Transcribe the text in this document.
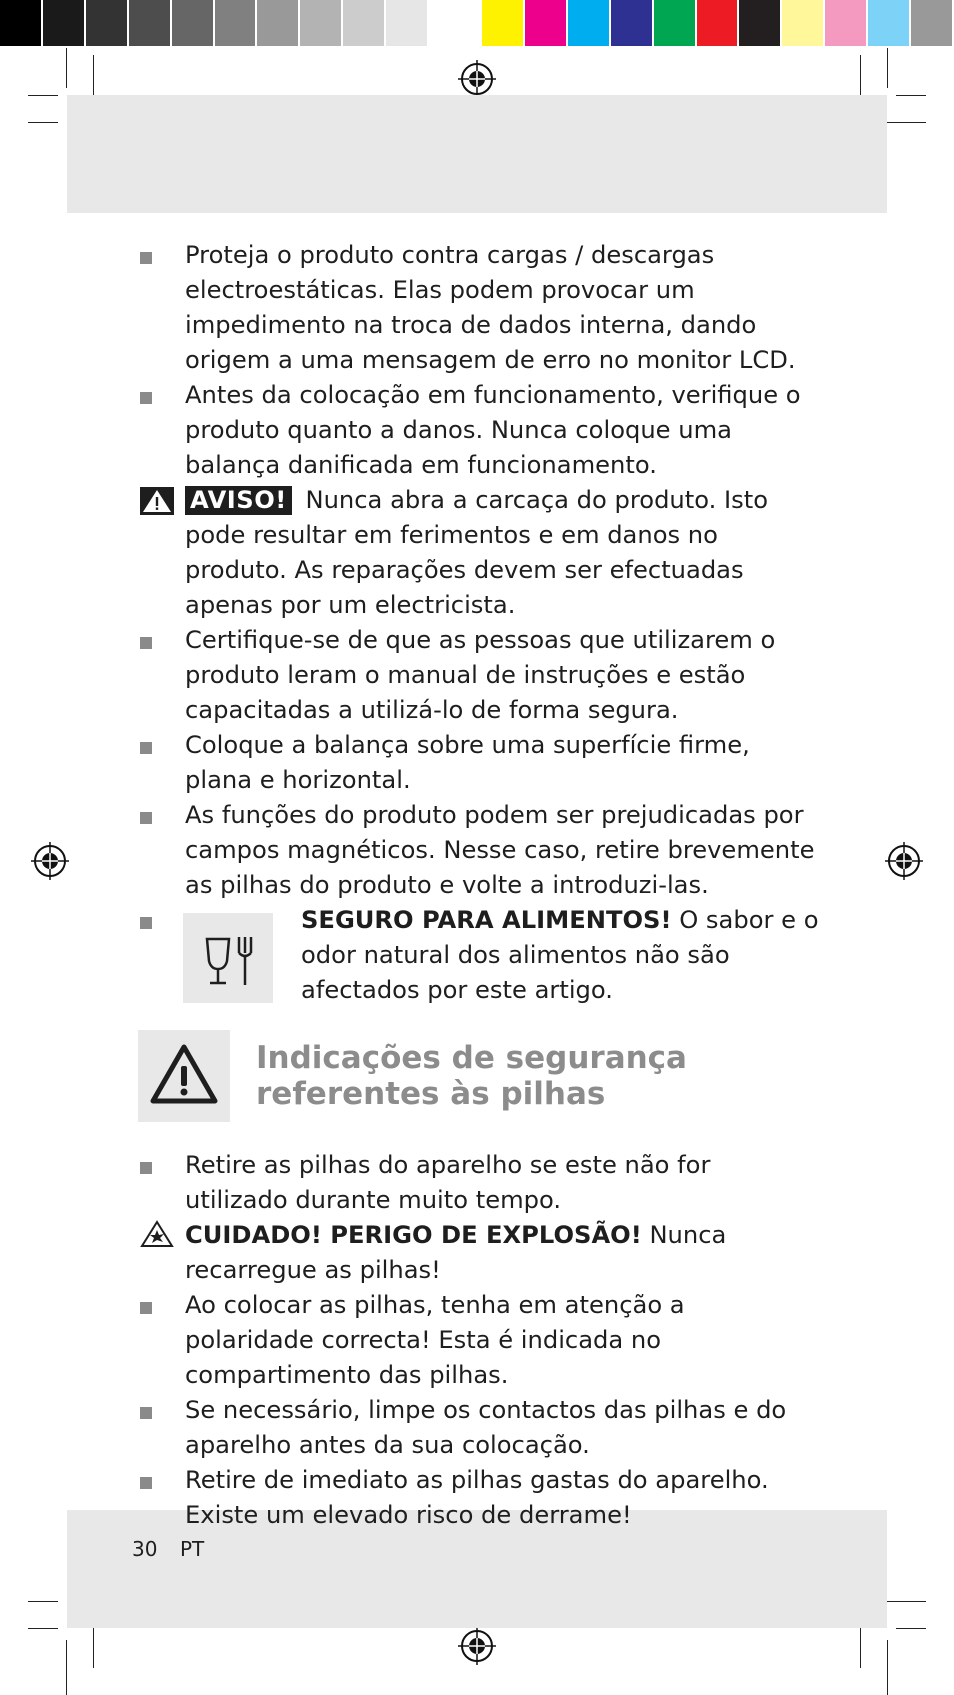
Proteja o produto contra cargas / descargas electroestáticas. Elas podem provocar um impedimento na troca de dados interna, dando origem a uma mensagem de erro no monitor LCD.
Antes da colocação em funcionamento, verifique o produto quanto a danos. Nunca coloque uma balança danificada em funcionamento.
AVISO! Nunca abra a carcaça do produto. Isto pode resultar em ferimentos e em danos no produto. As reparações devem ser efectuadas apenas por um electricista.
Certifique-se de que as pessoas que utilizarem o produto leram o manual de instruções e estão capacitadas a utilizá-lo de forma segura.
Coloque a balança sobre uma superfície firme, plana e horizontal.
As funções do produto podem ser prejudicadas por campos magnéticos. Nesse caso, retire brevemente as pilhas do produto e volte a introduzi-las.
SEGURO PARA ALIMENTOS! O sabor e o odor natural dos alimentos não são afectados por este artigo.
Indicações de segurança
referentes às pilhas
Retire as pilhas do aparelho se este não for utilizado durante muito tempo.
CUIDADO! PERIGO DE EXPLOSÃO! Nunca recarregue as pilhas!
Ao colocar as pilhas, tenha em atenção a polaridade correcta! Esta é indicada no compartimento das pilhas.
Se necessário, limpe os contactos das pilhas e do aparelho antes da sua colocação.
Retire de imediato as pilhas gastas do aparelho. Existe um elevado risco de derrame!
30 PT
